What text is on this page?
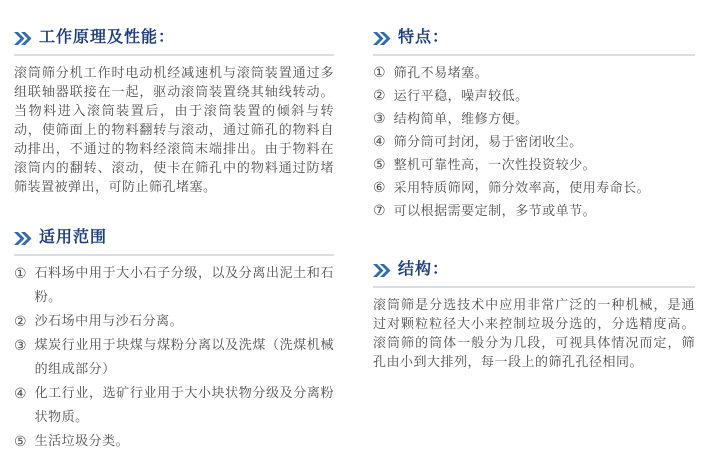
工作原理及性能：

滚筒筛分机工作时电动机经减速机与滚筒装置通过多组联轴器联接在一起，驱动滚筒装置绕其轴线转动。当物料进入滚筒装置后，由于滚筒装置的倾斜与转动，使筛面上的物料翻转与滚动，通过筛孔的物料自动排出，不通过的物料经滚筒末端排出。由于物料在滚筒内的翻转、滚动，使卡在筛孔中的物料通过防堵筛装置被弹出，可防止筛孔堵塞。

适用范围
① 石料场中用于大小石子分级，以及分离出泥土和石粉。
② 沙石场中用与沙石分离。
③ 煤炭行业用于块煤与煤粉分离以及洗煤（洗煤机械的组成部分）
④ 化工行业，选矿行业用于大小块状物分级及分离粉状物质。
⑤ 生活垃圾分类。
特点：
① 筛孔不易堵塞。
② 运行平稳，噪声较低。
③ 结构简单，维修方便。
④ 筛分筒可封闭，易于密闭收尘。
⑤ 整机可靠性高，一次性投资较少。
⑥ 采用特质筛网，筛分效率高，使用寿命长。
⑦ 可以根据需要定制，多节或单节。
结构：

滚筒筛是分选技术中应用非常广泛的一种机械，是通过对颗粒粒径大小来控制垃圾分选的，分选精度高。滚筒筛的筒体一般分为几段，可视具体情况而定，筛孔由小到大排列，每一段上的筛孔孔径相同。
